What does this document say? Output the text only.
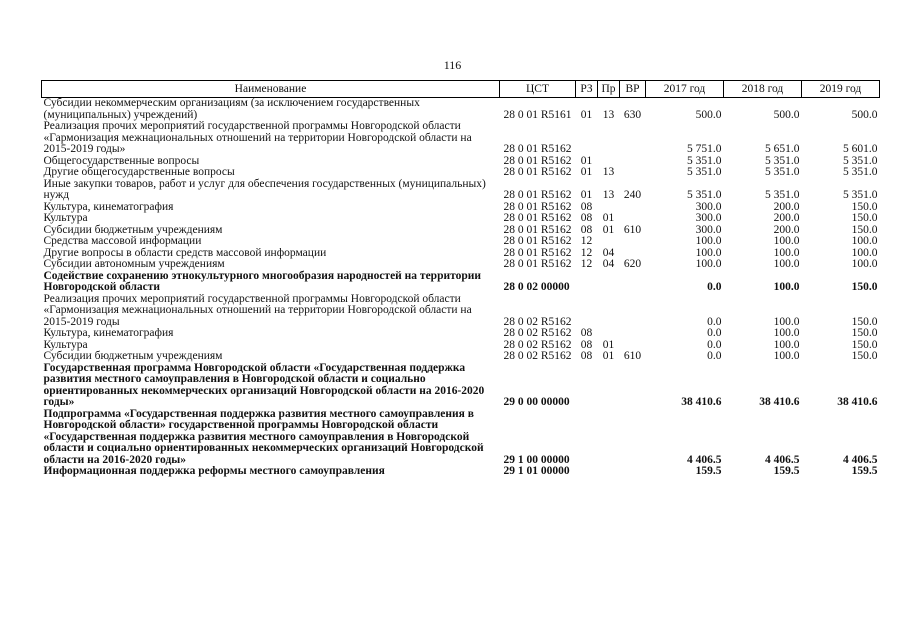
116
Наименование	ЦСТ	РЗ	Пр	ВР	2017 год	2018 год	2019 год
Субсидии некоммерческим организациям (за исключением государственных (муниципальных) учреждений)	28 0 01 R5161	01	13	630	500.0	500.0	500.0
Реализация прочих мероприятий государственной программы Новгородской области «Гармонизация межнациональных отношений на территории Новгородской области на 2015-2019 годы»	28 0 01 R5162				5 751.0	5 651.0	5 601.0
Общегосударственные вопросы	28 0 01 R5162	01			5 351.0	5 351.0	5 351.0
Другие общегосударственные вопросы	28 0 01 R5162	01	13		5 351.0	5 351.0	5 351.0
Иные закупки товаров, работ и услуг для обеспечения государственных (муниципальных) нужд	28 0 01 R5162	01	13	240	5 351.0	5 351.0	5 351.0
Культура, кинематография	28 0 01 R5162	08			300.0	200.0	150.0
Культура	28 0 01 R5162	08	01		300.0	200.0	150.0
Субсидии бюджетным учреждениям	28 0 01 R5162	08	01	610	300.0	200.0	150.0
Средства массовой информации	28 0 01 R5162	12			100.0	100.0	100.0
Другие вопросы в области средств массовой информации	28 0 01 R5162	12	04		100.0	100.0	100.0
Субсидии автономным учреждениям	28 0 01 R5162	12	04	620	100.0	100.0	100.0
Содействие сохранению этнокультурного многообразия народностей на территории Новгородской области	28 0 02 00000				0.0	100.0	150.0
Реализация прочих мероприятий государственной программы Новгородской области «Гармонизация межнациональных отношений на территории Новгородской области на 2015-2019 годы	28 0 02 R5162				0.0	100.0	150.0
Культура, кинематография	28 0 02 R5162	08			0.0	100.0	150.0
Культура	28 0 02 R5162	08	01		0.0	100.0	150.0
Субсидии бюджетным учреждениям	28 0 02 R5162	08	01	610	0.0	100.0	150.0
Государственная программа Новгородской области «Государственная поддержка развития местного самоуправления в Новгородской области и социально ориентированных некоммерческих организаций Новгородской области на 2016-2020 годы»	29 0 00 00000				38 410.6	38 410.6	38 410.6
Подпрограмма «Государственная поддержка развития местного самоуправления в Новгородской области» государственной программы Новгородской области «Государственная поддержка развития местного самоуправления в Новгородской области и социально ориентированных некоммерческих организаций Новгородской области на 2016-2020 годы»	29 1 00 00000				4 406.5	4 406.5	4 406.5
Информационная поддержка реформы местного самоуправления	29 1 01 00000				159.5	159.5	159.5
